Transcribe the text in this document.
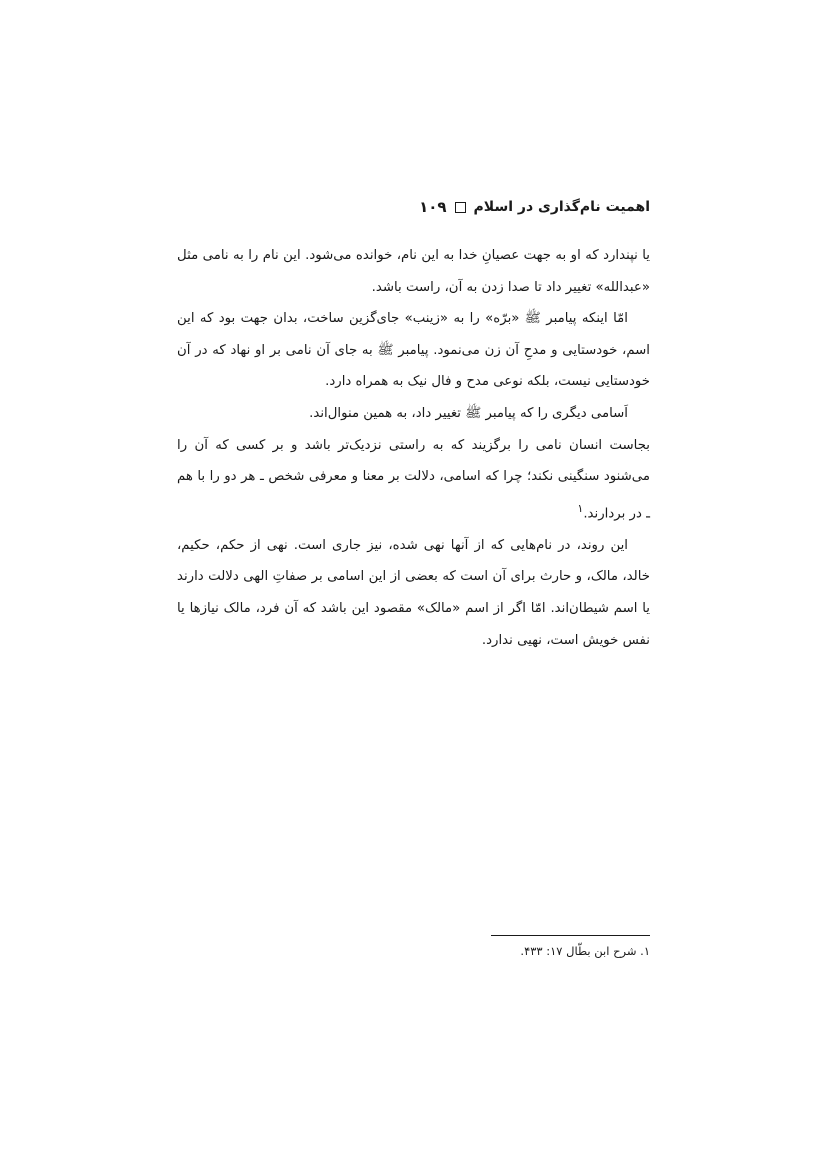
اهمیت نام‌گذاری در اسلام
۱۰۹

یا نپندارد که او به جهت عصیانِ خدا به این نام، خوانده می‌شود. این نام را به نامی مثل «عبدالله» تغییر داد تا صدا زدن به آن، راست باشد.

امّا اینکه پیامبر ﷺ «برّه» را به «زینب» جای‌گزین ساخت، بدان جهت بود که این اسم، خودستایی و مدحِ آن زن می‌نمود. پیامبر ﷺ به جای آن نامی بر او نهاد که در آن خودستایی نیست، بلکه نوعی مدح و فال نیک به همراه دارد.

اَسامی دیگری را که پیامبر ﷺ تغییر داد، به همین منوال‌اند.

بجاست انسان نامی را برگزیند که به راستی نزدیک‌تر باشد و بر کسی که آن را می‌شنود سنگینی نکند؛ چرا که اسامی، دلالت بر معنا و معرفی شخص ـ هر دو را با هم ـ در بردارند.$^۱$

این روند، در نام‌هایی که از آنها نهی شده، نیز جاری است. نهی از حکم، حکیم، خالد، مالک، و حارث برای آن است که بعضی از این اسامی بر صفاتِ الهی دلالت دارند یا اسم شیطان‌اند. امّا اگر از اسم «مالک» مقصود این باشد که آن فرد، مالک نیازها یا نفس خویش است، نهیی ندارد.

۱. شرح ابن بطّال ۱۷: ۴۳۳.
